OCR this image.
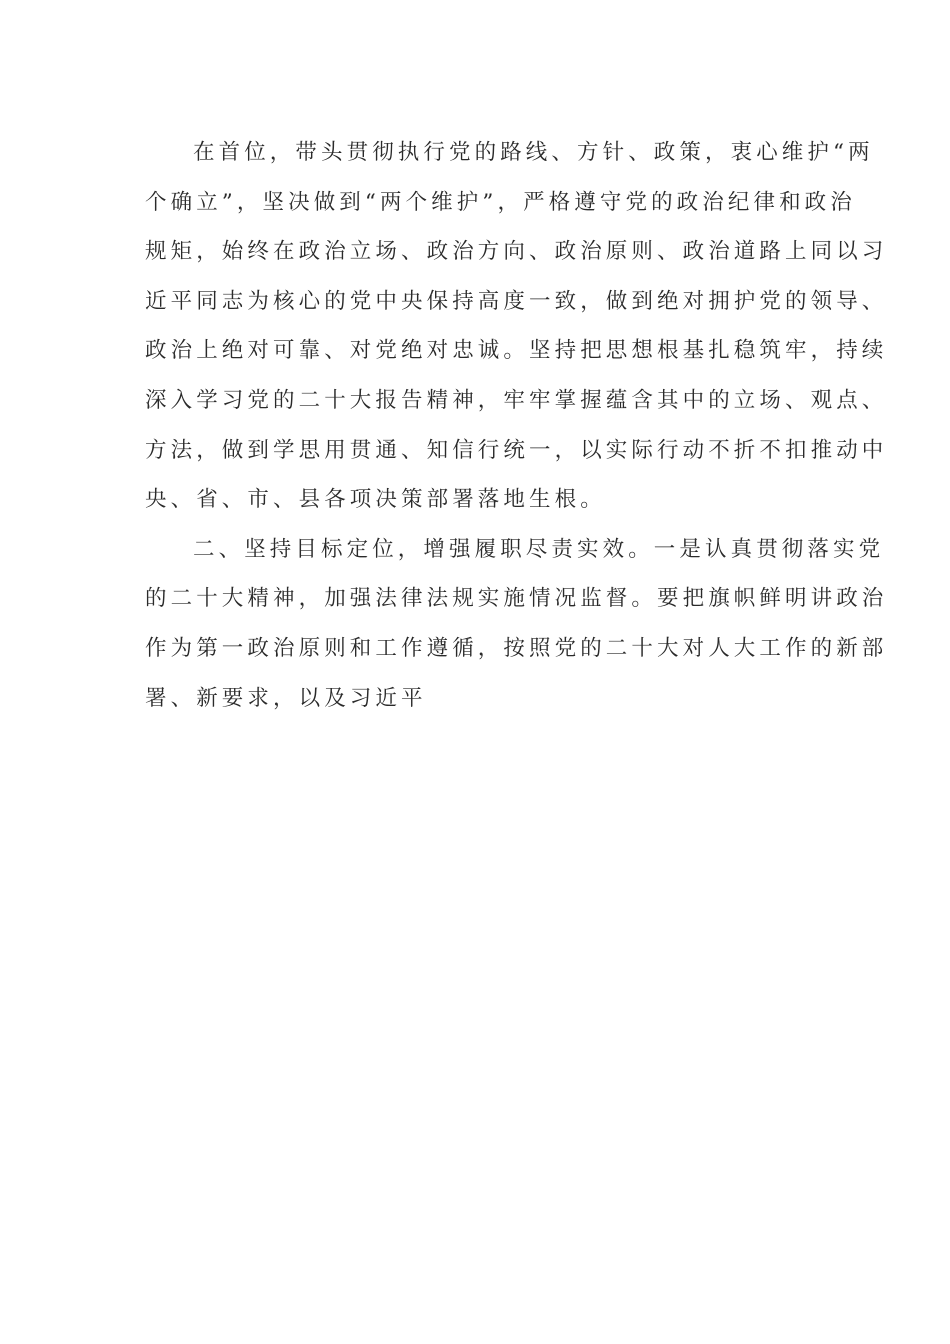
在首位，带头贯彻执行党的路线、方针、政策，衷心维护“两
个确立”，坚决做到“两个维护”，严格遵守党的政治纪律和政治
规矩，始终在政治立场、政治方向、政治原则、政治道路上同以习
近平同志为核心的党中央保持高度一致，做到绝对拥护党的领导、
政治上绝对可靠、对党绝对忠诚。坚持把思想根基扎稳筑牢，持续
深入学习党的二十大报告精神，牢牢掌握蕴含其中的立场、观点、
方法，做到学思用贯通、知信行统一，以实际行动不折不扣推动中
央、省、市、县各项决策部署落地生根。

二、坚持目标定位，增强履职尽责实效。一是认真贯彻落实党
的二十大精神，加强法律法规实施情况监督。要把旗帜鲜明讲政治
作为第一政治原则和工作遵循，按照党的二十大对人大工作的新部
署、新要求，以及习近平
